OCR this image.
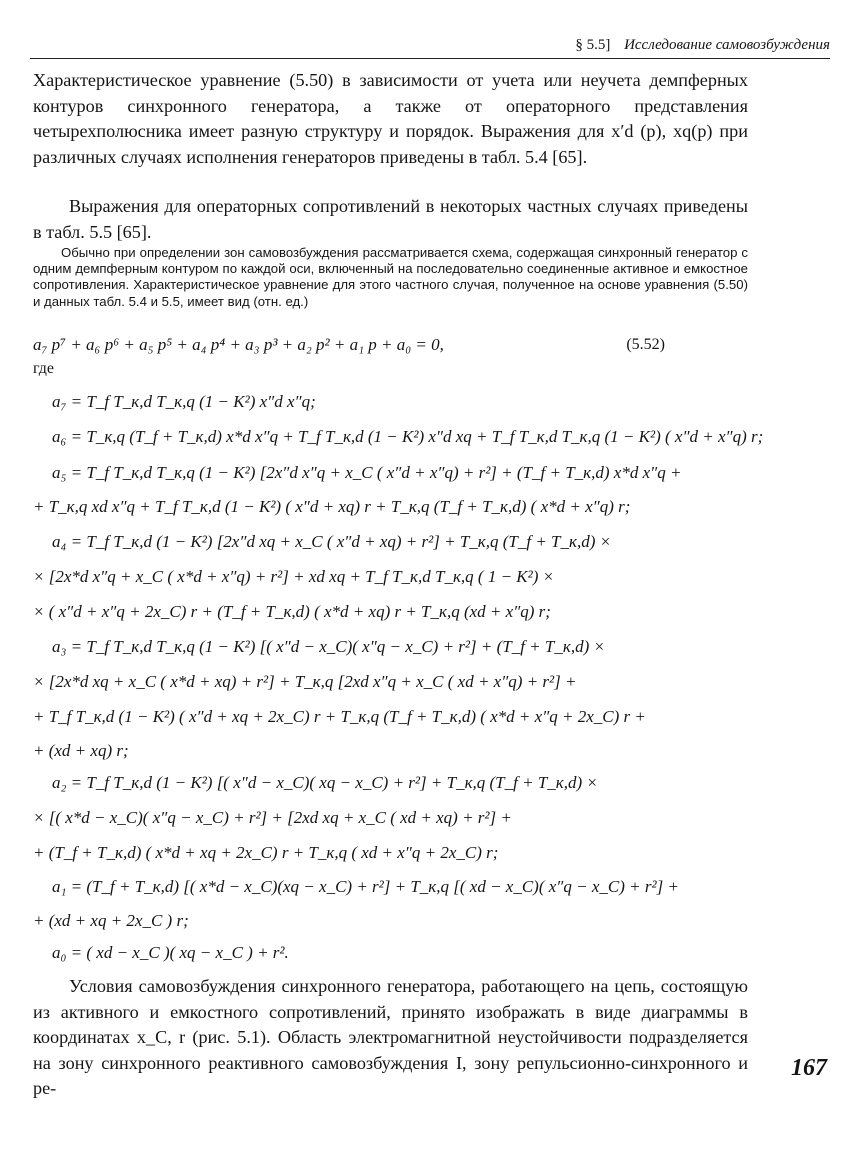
§ 5.5] Исследование самовозбуждения

Характеристическое уравнение (5.50) в зависимости от учета или неучета демпферных контуров синхронного генератора, а также от операторного представления четырехполюсника имеет разную структуру и порядок. Выражения для x′d (p), xq(p) при различных случаях исполнения генераторов приведены в табл. 5.4 [65].

Выражения для операторных сопротивлений в некоторых частных случаях приведены в табл. 5.5 [65].

Обычно при определении зон самовозбуждения рассматривается схема, содержащая синхронный генератор с одним демпферным контуром по каждой оси, включенный на последовательно соединенные активное и емкостное сопротивления. Характеристическое уравнение для этого частного случая, полученное на основе уравнения (5.50) и данных табл. 5.4 и 5.5, имеет вид (отн. ед.)

a₇ p⁷ + a₆ p⁶ + a₅ p⁵ + a₄ p⁴ + a₃ p³ + a₂ p² + a₁ p + a₀ = 0,	(5.52)
где
a₇ = T_f T_к,d T_к,q (1 − K²) x″d x″q;
a₆ = T_к,q (T_f + T_к,d) x*d x″q + T_f T_к,d (1 − K²) x″d xq + T_f T_к,d T_к,q (1 − K²) ( x″d + x″q) r;
a₅ = T_f T_к,d T_к,q (1 − K²) [2x″d x″q + x_C ( x″d + x″q) + r²] + (T_f + T_к,d) x*d x″q +
+ T_к,q xd x″q + T_f T_к,d (1 − K²) ( x″d + xq) r + T_к,q (T_f + T_к,d) ( x*d + x″q) r;
a₄ = T_f T_к,d (1 − K²) [2x″d xq + x_C ( x″d + xq) + r²] + T_к,q (T_f + T_к,d) ×
× [2x*d x″q + x_C ( x*d + x″q) + r²] + xd xq + T_f T_к,d T_к,q ( 1 − K²) ×
× ( x″d + x″q + 2x_C) r + (T_f + T_к,d) ( x*d + xq) r + T_к,q (xd + x″q) r;
a₃ = T_f T_к,d T_к,q (1 − K²) [( x″d − x_C)( x″q − x_C) + r²] + (T_f + T_к,d) ×
× [2x*d xq + x_C ( x*d + xq) + r²] + T_к,q [2xd x″q + x_C ( xd + x″q) + r²] +
+ T_f T_к,d (1 − K²) ( x″d + xq + 2x_C) r + T_к,q (T_f + T_к,d) ( x*d + x″q + 2x_C) r +
+ (xd + xq) r;
a₂ = T_f T_к,d (1 − K²) [( x″d − x_C)( xq − x_C) + r²] + T_к,q (T_f + T_к,d) ×
× [( x*d − x_C)( x″q − x_C) + r²] + [2xd xq + x_C ( xd + xq) + r²] +
+ (T_f + T_к,d) ( x*d + xq + 2x_C) r + T_к,q ( xd + x″q + 2x_C) r;
a₁ = (T_f + T_к,d) [( x*d − x_C)(xq − x_C) + r²] + T_к,q [( xd − x_C)( x″q − x_C) + r²] +
+ (xd + xq + 2x_C ) r;
a₀ = ( xd − x_C )( xq − x_C ) + r².

Условия самовозбуждения синхронного генератора, работающего на цепь, состоящую из активного и емкостного сопротивлений, принято изображать в виде диаграммы в координатах x_C, r (рис. 5.1). Область электромагнитной неустойчивости подразделяется на зону синхронного реактивного самовозбуждения I, зону репульсионно-синхронного и ре-

167
